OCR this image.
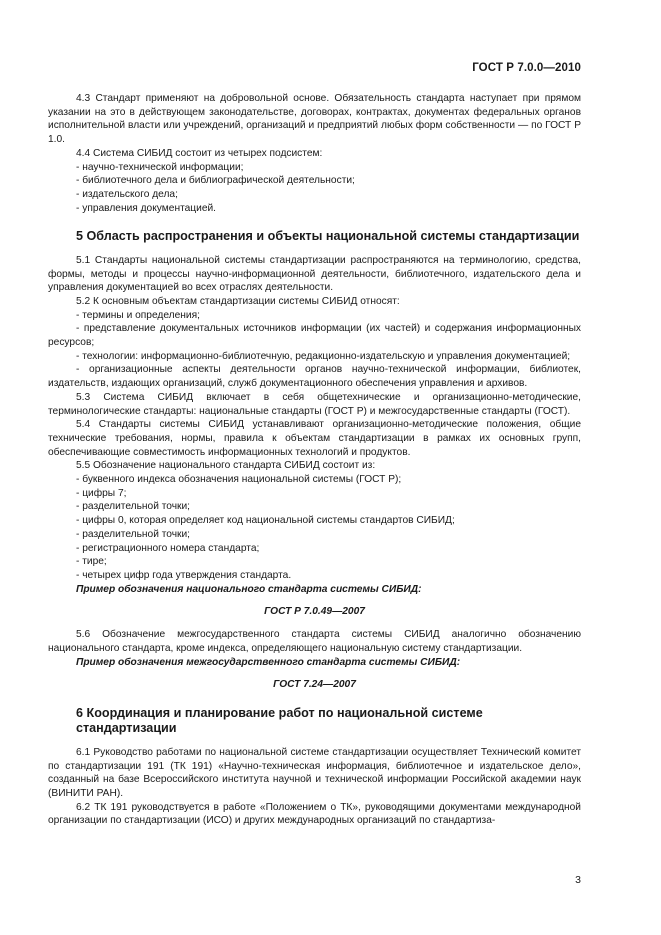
ГОСТ Р 7.0.0—2010

4.3 Стандарт применяют на добровольной основе. Обязательность стандарта наступает при прямом указании на это в действующем законодательстве, договорах, контрактах, документах федеральных органов исполнительной власти или учреждений, организаций и предприятий любых форм собственности — по ГОСТ Р 1.0.

4.4 Система СИБИД состоит из четырех подсистем:

- научно-технической информации;
- библиотечного дела и библиографической деятельности;
- издательского дела;
- управления документацией.
5 Область распространения и объекты национальной системы стандартизации

5.1 Стандарты национальной системы стандартизации распространяются на терминологию, средства, формы, методы и процессы научно-информационной деятельности, библиотечного, издательского дела и управления документацией во всех отраслях деятельности.

5.2 К основным объектам стандартизации системы СИБИД относят:

- термины и определения;

- представление документальных источников информации (их частей) и содержания информационных ресурсов;

- технологии: информационно-библиотечную, редакционно-издательскую и управления документацией;

- организационные аспекты деятельности органов научно-технической информации, библиотек, издательств, издающих организаций, служб документационного обеспечения управления и архивов.

5.3 Система СИБИД включает в себя общетехнические и организационно-методические, терминологические стандарты: национальные стандарты (ГОСТ Р) и межгосударственные стандарты (ГОСТ).

5.4 Стандарты системы СИБИД устанавливают организационно-методические положения, общие технические требования, нормы, правила к объектам стандартизации в рамках их основных групп, обеспечивающие совместимость информационных технологий и продуктов.

5.5 Обозначение национального стандарта СИБИД состоит из:

- буквенного индекса обозначения национальной системы (ГОСТ Р);
- цифры 7;
- разделительной точки;
- цифры 0, которая определяет код национальной системы стандартов СИБИД;
- разделительной точки;
- регистрационного номера стандарта;
- тире;
- четырех цифр года утверждения стандарта.

Пример обозначения национального стандарта системы СИБИД:

ГОСТ Р 7.0.49—2007

5.6 Обозначение межгосударственного стандарта системы СИБИД аналогично обозначению национального стандарта, кроме индекса, определяющего национальную систему стандартизации.

Пример обозначения межгосударственного стандарта системы СИБИД:

ГОСТ 7.24—2007

6 Координация и планирование работ по национальной системе стандартизации

6.1 Руководство работами по национальной системе стандартизации осуществляет Технический комитет по стандартизации 191 (ТК 191) «Научно-техническая информация, библиотечное и издательское дело», созданный на базе Всероссийского института научной и технической информации Российской академии наук (ВИНИТИ РАН).

6.2 ТК 191 руководствуется в работе «Положением о ТК», руководящими документами международной организации по стандартизации (ИСО) и других международных организаций по стандартиза-

3
